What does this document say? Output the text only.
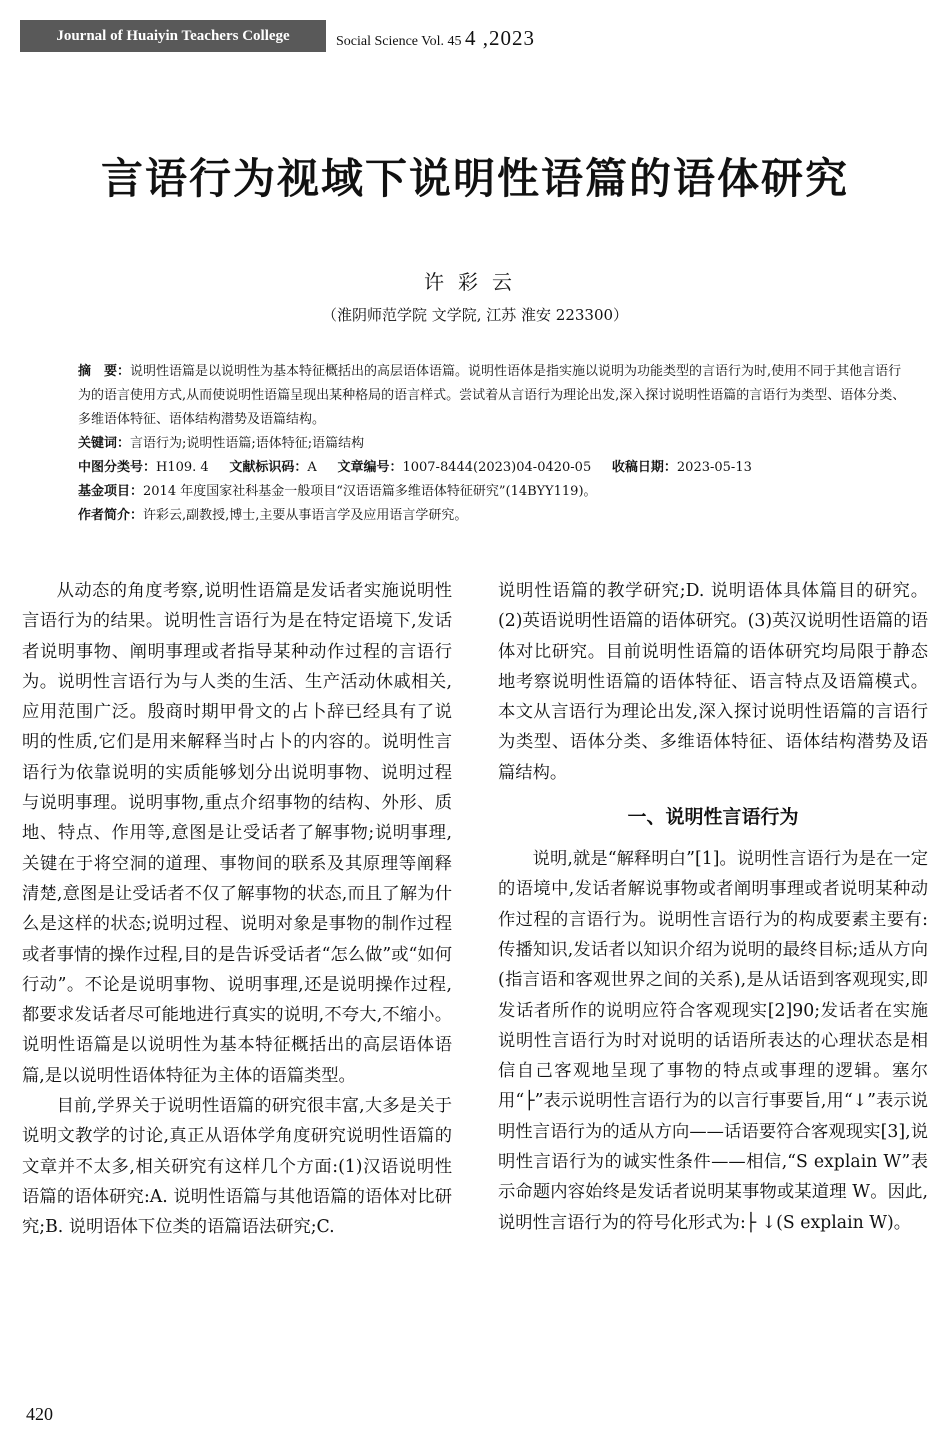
Journal of Huaiyin Teachers College	Social Science Vol. 45 4 ,2023
言语行为视域下说明性语篇的语体研究
许彩云
（淮阴师范学院 文学院, 江苏 淮安 223300）

摘　要：说明性语篇是以说明性为基本特征概括出的高层语体语篇。说明性语体是指实施以说明为功能类型的言语行为时,使用不同于其他言语行为的语言使用方式,从而使说明性语篇呈现出某种格局的语言样式。尝试着从言语行为理论出发,深入探讨说明性语篇的言语行为类型、语体分类、多维语体特征、语体结构潜势及语篇结构。

关键词：言语行为;说明性语篇;语体特征;语篇结构

中图分类号：H109. 4 文献标识码：A 文章编号：1007-8444(2023)04-0420-05 收稿日期：2023-05-13

基金项目：2014 年度国家社科基金一般项目“汉语语篇多维语体特征研究”(14BYY119)。

作者简介：许彩云,副教授,博士,主要从事语言学及应用语言学研究。

从动态的角度考察,说明性语篇是发话者实施说明性言语行为的结果。说明性言语行为是在特定语境下,发话者说明事物、阐明事理或者指导某种动作过程的言语行为。说明性言语行为与人类的生活、生产活动休戚相关,应用范围广泛。殷商时期甲骨文的占卜辞已经具有了说明的性质,它们是用来解释当时占卜的内容的。说明性言语行为依靠说明的实质能够划分出说明事物、说明过程与说明事理。说明事物,重点介绍事物的结构、外形、质地、特点、作用等,意图是让受话者了解事物;说明事理,关键在于将空洞的道理、事物间的联系及其原理等阐释清楚,意图是让受话者不仅了解事物的状态,而且了解为什么是这样的状态;说明过程、说明对象是事物的制作过程或者事情的操作过程,目的是告诉受话者“怎么做”或“如何行动”。不论是说明事物、说明事理,还是说明操作过程,都要求发话者尽可能地进行真实的说明,不夸大,不缩小。说明性语篇是以说明性为基本特征概括出的高层语体语篇,是以说明性语体特征为主体的语篇类型。

目前,学界关于说明性语篇的研究很丰富,大多是关于说明文教学的讨论,真正从语体学角度研究说明性语篇的文章并不太多,相关研究有这样几个方面:(1)汉语说明性语篇的语体研究:A. 说明性语篇与其他语篇的语体对比研究;B. 说明语体下位类的语篇语法研究;C.

说明性语篇的教学研究;D. 说明语体具体篇目的研究。(2)英语说明性语篇的语体研究。(3)英汉说明性语篇的语体对比研究。目前说明性语篇的语体研究均局限于静态地考察说明性语篇的语体特征、语言特点及语篇模式。本文从言语行为理论出发,深入探讨说明性语篇的言语行为类型、语体分类、多维语体特征、语体结构潜势及语篇结构。

一、说明性言语行为

说明,就是“解释明白”[1]。说明性言语行为是在一定的语境中,发话者解说事物或者阐明事理或者说明某种动作过程的言语行为。说明性言语行为的构成要素主要有:传播知识,发话者以知识介绍为说明的最终目标;适从方向(指言语和客观世界之间的关系),是从话语到客观现实,即发话者所作的说明应符合客观现实[2]90;发话者在实施说明性言语行为时对说明的话语所表达的心理状态是相信自己客观地呈现了事物的特点或事理的逻辑。塞尔用“├”表示说明性言语行为的以言行事要旨,用“↓”表示说明性言语行为的适从方向——话语要符合客观现实[3],说明性言语行为的诚实性条件——相信,“S explain W”表示命题内容始终是发话者说明某事物或某道理 W。因此,说明性言语行为的符号化形式为:├ ↓(S explain W)。

420
